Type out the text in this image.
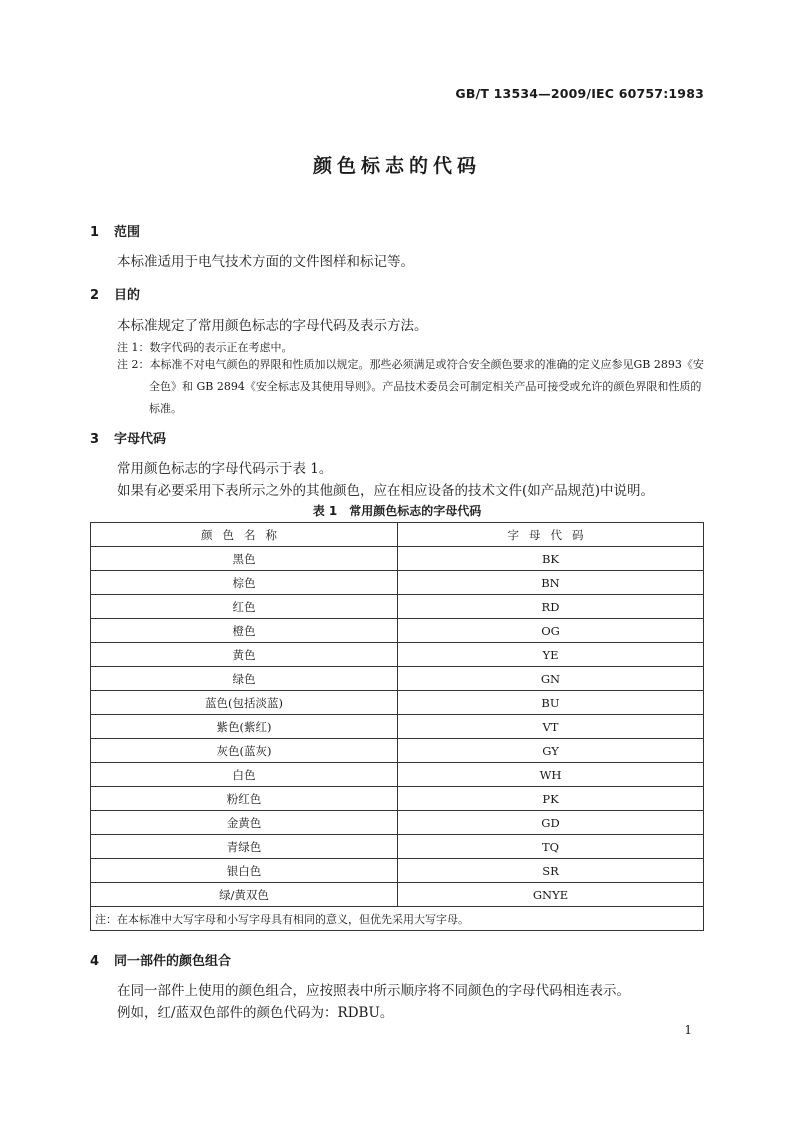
GB/T 13534—2009/IEC 60757:1983
颜色标志的代码
1 范围
本标准适用于电气技术方面的文件图样和标记等。
2 目的
本标准规定了常用颜色标志的字母代码及表示方法。
注 1：数字代码的表示正在考虑中。
注 2：本标准不对电气颜色的界限和性质加以规定。那些必须满足或符合安全颜色要求的准确的定义应参见GB 2893《安全色》和 GB 2894《安全标志及其使用导则》。产品技术委员会可制定相关产品可接受或允许的颜色界限和性质的标准。
3 字母代码
常用颜色标志的字母代码示于表 1。
如果有必要采用下表所示之外的其他颜色，应在相应设备的技术文件(如产品规范)中说明。
表 1　常用颜色标志的字母代码
颜色名称	字母代码
黑色	BK
棕色	BN
红色	RD
橙色	OG
黄色	YE
绿色	GN
蓝色(包括淡蓝)	BU
紫色(紫红)	VT
灰色(蓝灰)	GY
白色	WH
粉红色	PK
金黄色	GD
青绿色	TQ
银白色	SR
绿/黄双色	GNYE
注：在本标准中大写字母和小写字母具有相同的意义，但优先采用大写字母。	
4 同一部件的颜色组合
在同一部件上使用的颜色组合，应按照表中所示顺序将不同颜色的字母代码相连表示。
例如，红/蓝双色部件的颜色代码为：RDBU。
1
